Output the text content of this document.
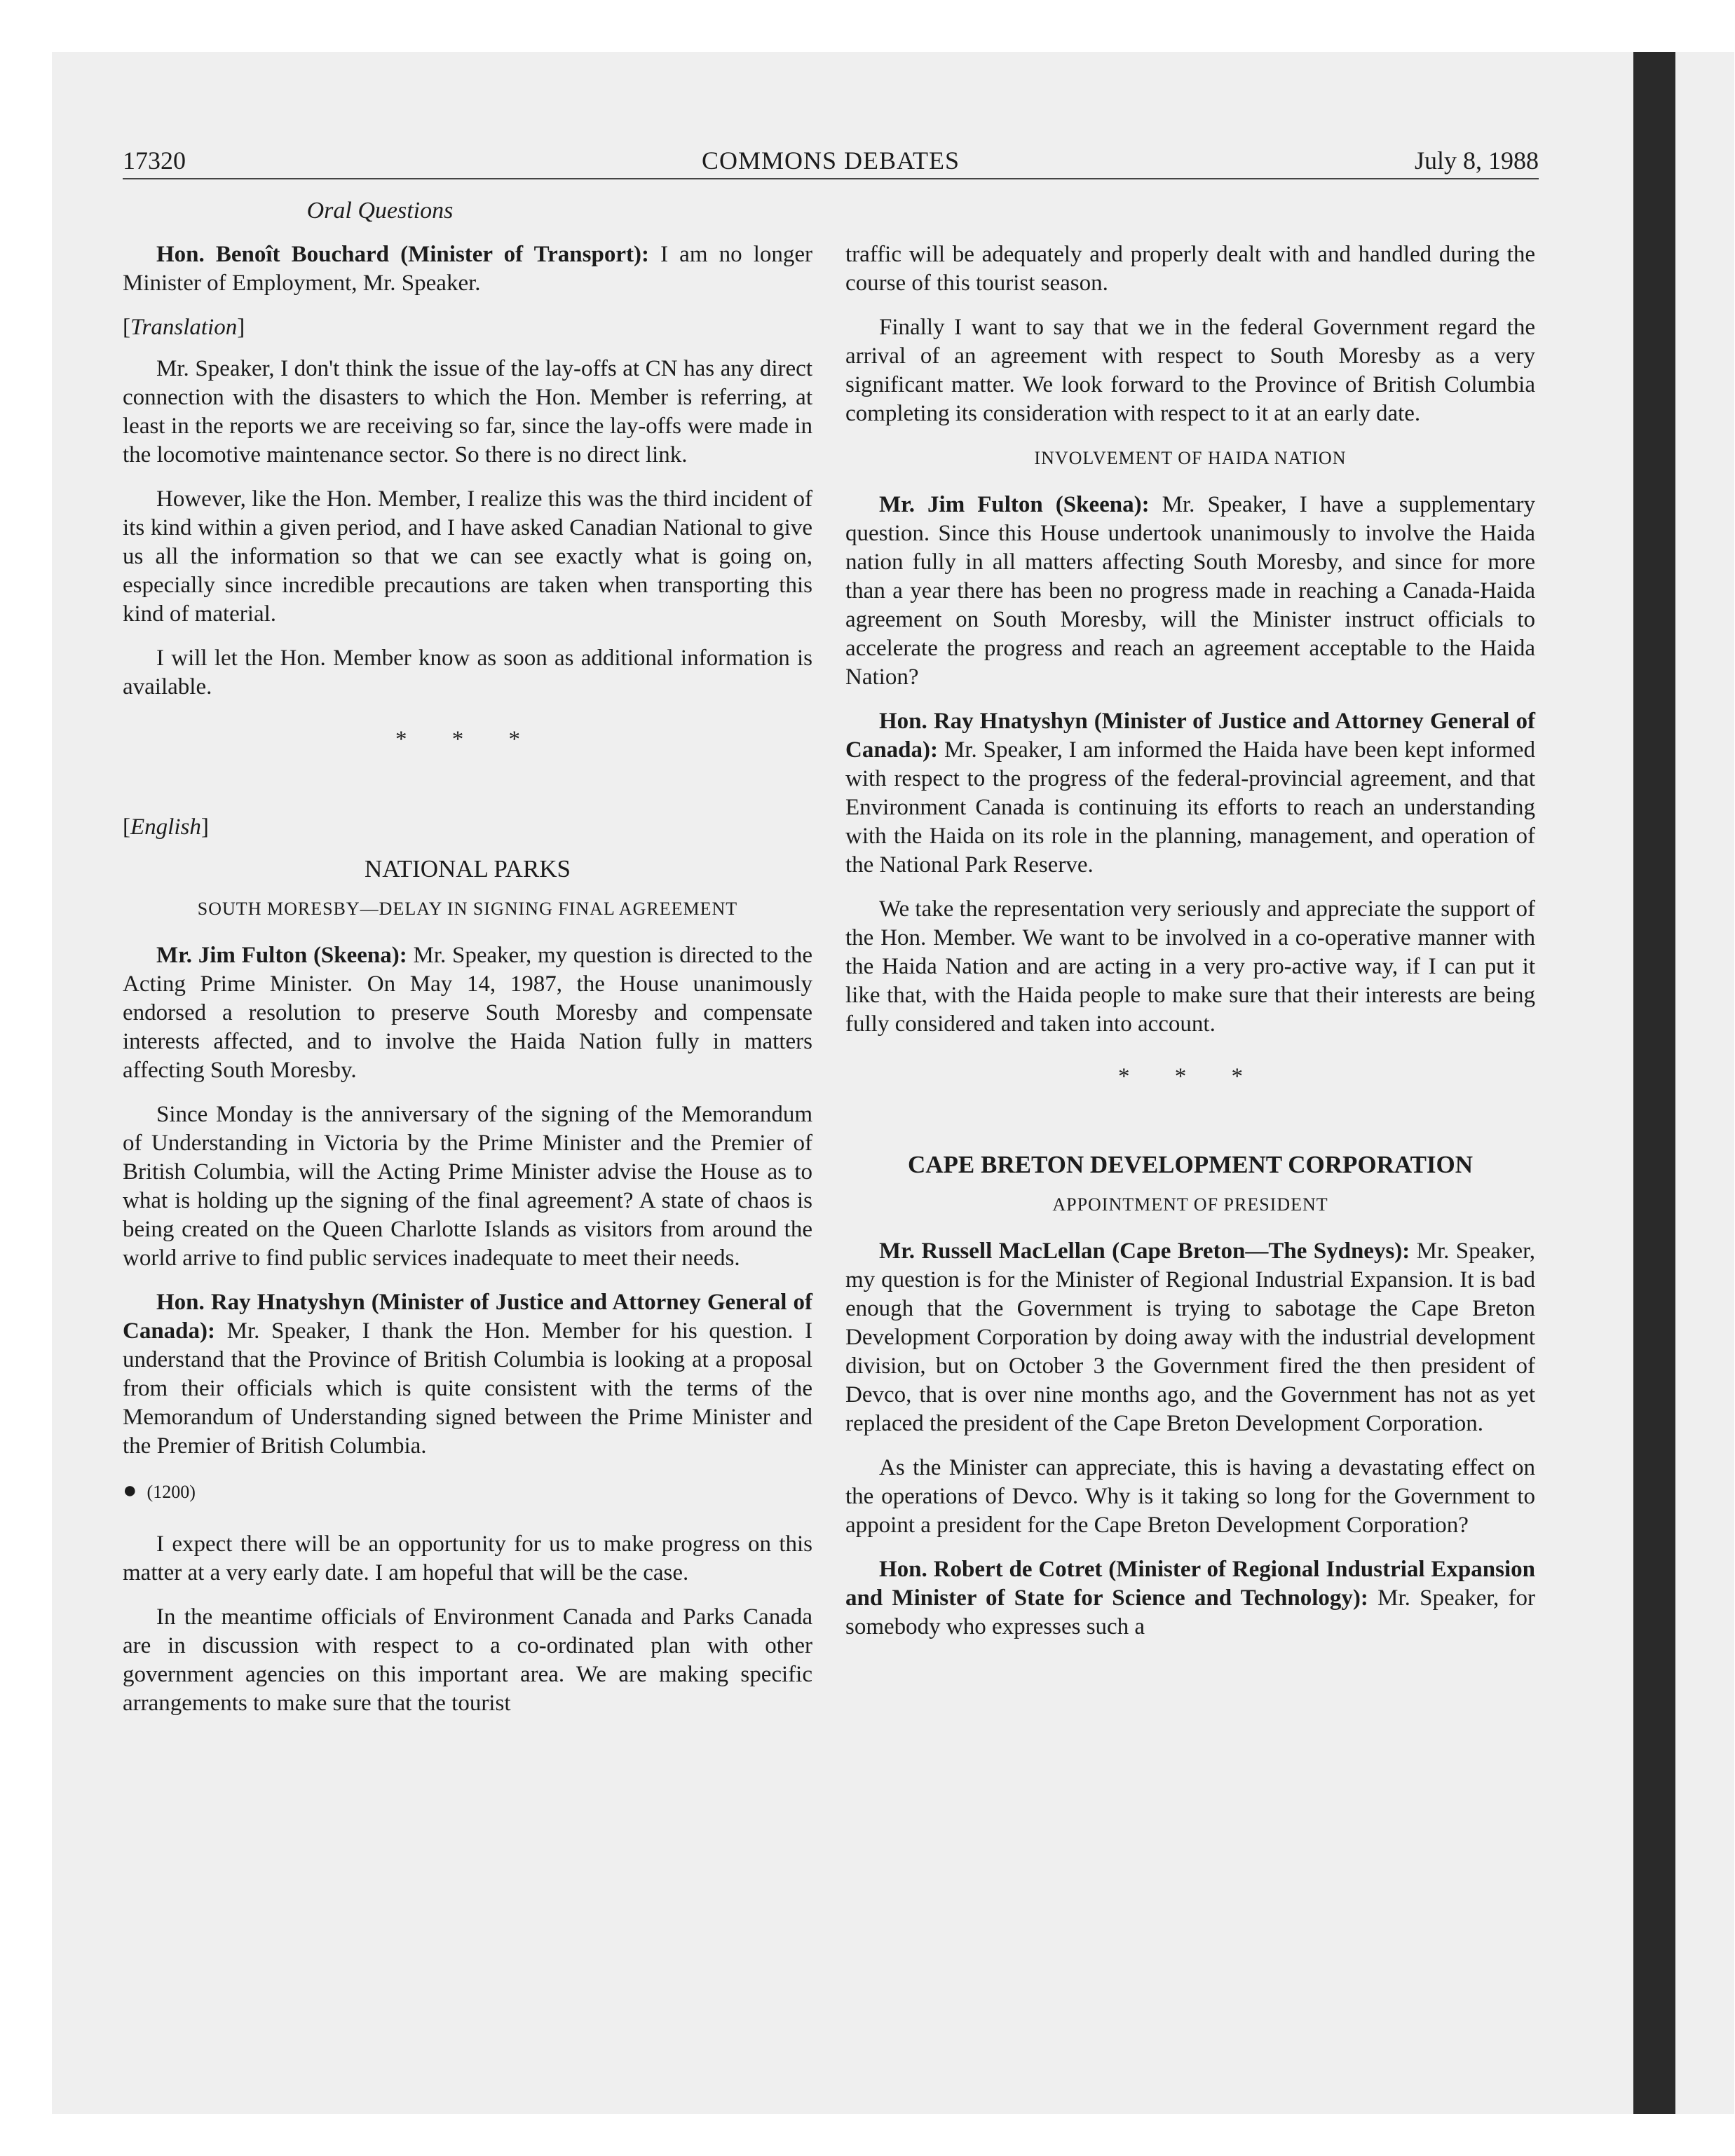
17320	COMMONS DEBATES	July 8, 1988
Oral Questions

Hon. Benoît Bouchard (Minister of Transport): I am no longer Minister of Employment, Mr. Speaker.

[ Translation ]

Mr. Speaker, I don't think the issue of the lay-offs at CN has any direct connection with the disasters to which the Hon. Member is referring, at least in the reports we are receiving so far, since the lay-offs were made in the locomotive maintenance sector. So there is no direct link.

However, like the Hon. Member, I realize this was the third incident of its kind within a given period, and I have asked Canadian National to give us all the information so that we can see exactly what is going on, especially since incredible precautions are taken when transporting this kind of material.

I will let the Hon. Member know as soon as additional information is available.

* * *
[ English ]
NATIONAL PARKS
SOUTH MORESBY—DELAY IN SIGNING FINAL AGREEMENT

Mr. Jim Fulton (Skeena): Mr. Speaker, my question is directed to the Acting Prime Minister. On May 14, 1987, the House unanimously endorsed a resolution to preserve South Moresby and compensate interests affected, and to involve the Haida Nation fully in matters affecting South Moresby.

Since Monday is the anniversary of the signing of the Memorandum of Understanding in Victoria by the Prime Minister and the Premier of British Columbia, will the Acting Prime Minister advise the House as to what is holding up the signing of the final agreement? A state of chaos is being created on the Queen Charlotte Islands as visitors from around the world arrive to find public services inadequate to meet their needs.

Hon. Ray Hnatyshyn (Minister of Justice and Attorney General of Canada): Mr. Speaker, I thank the Hon. Member for his question. I understand that the Province of British Columbia is looking at a proposal from their officials which is quite consistent with the terms of the Memorandum of Understanding signed between the Prime Minister and the Premier of British Columbia.

● (1200)

I expect there will be an opportunity for us to make progress on this matter at a very early date. I am hopeful that will be the case.

In the meantime officials of Environment Canada and Parks Canada are in discussion with respect to a co-ordinated plan with other government agencies on this important area. We are making specific arrangements to make sure that the tourist

traffic will be adequately and properly dealt with and handled during the course of this tourist season.

Finally I want to say that we in the federal Government regard the arrival of an agreement with respect to South Moresby as a very significant matter. We look forward to the Province of British Columbia completing its consideration with respect to it at an early date.

INVOLVEMENT OF HAIDA NATION

Mr. Jim Fulton (Skeena): Mr. Speaker, I have a supplementary question. Since this House undertook unanimously to involve the Haida nation fully in all matters affecting South Moresby, and since for more than a year there has been no progress made in reaching a Canada-Haida agreement on South Moresby, will the Minister instruct officials to accelerate the progress and reach an agreement acceptable to the Haida Nation?

Hon. Ray Hnatyshyn (Minister of Justice and Attorney General of Canada): Mr. Speaker, I am informed the Haida have been kept informed with respect to the progress of the federal-provincial agreement, and that Environment Canada is continuing its efforts to reach an understanding with the Haida on its role in the planning, management, and operation of the National Park Reserve.

We take the representation very seriously and appreciate the support of the Hon. Member. We want to be involved in a co-operative manner with the Haida Nation and are acting in a very pro-active way, if I can put it like that, with the Haida people to make sure that their interests are being fully considered and taken into account.

* * *
CAPE BRETON DEVELOPMENT CORPORATION
APPOINTMENT OF PRESIDENT

Mr. Russell MacLellan (Cape Breton—The Sydneys): Mr. Speaker, my question is for the Minister of Regional Industrial Expansion. It is bad enough that the Government is trying to sabotage the Cape Breton Development Corporation by doing away with the industrial development division, but on October 3 the Government fired the then president of Devco, that is over nine months ago, and the Government has not as yet replaced the president of the Cape Breton Development Corporation.

As the Minister can appreciate, this is having a devastating effect on the operations of Devco. Why is it taking so long for the Government to appoint a president for the Cape Breton Development Corporation?

Hon. Robert de Cotret (Minister of Regional Industrial Expansion and Minister of State for Science and Technology): Mr. Speaker, for somebody who expresses such a
